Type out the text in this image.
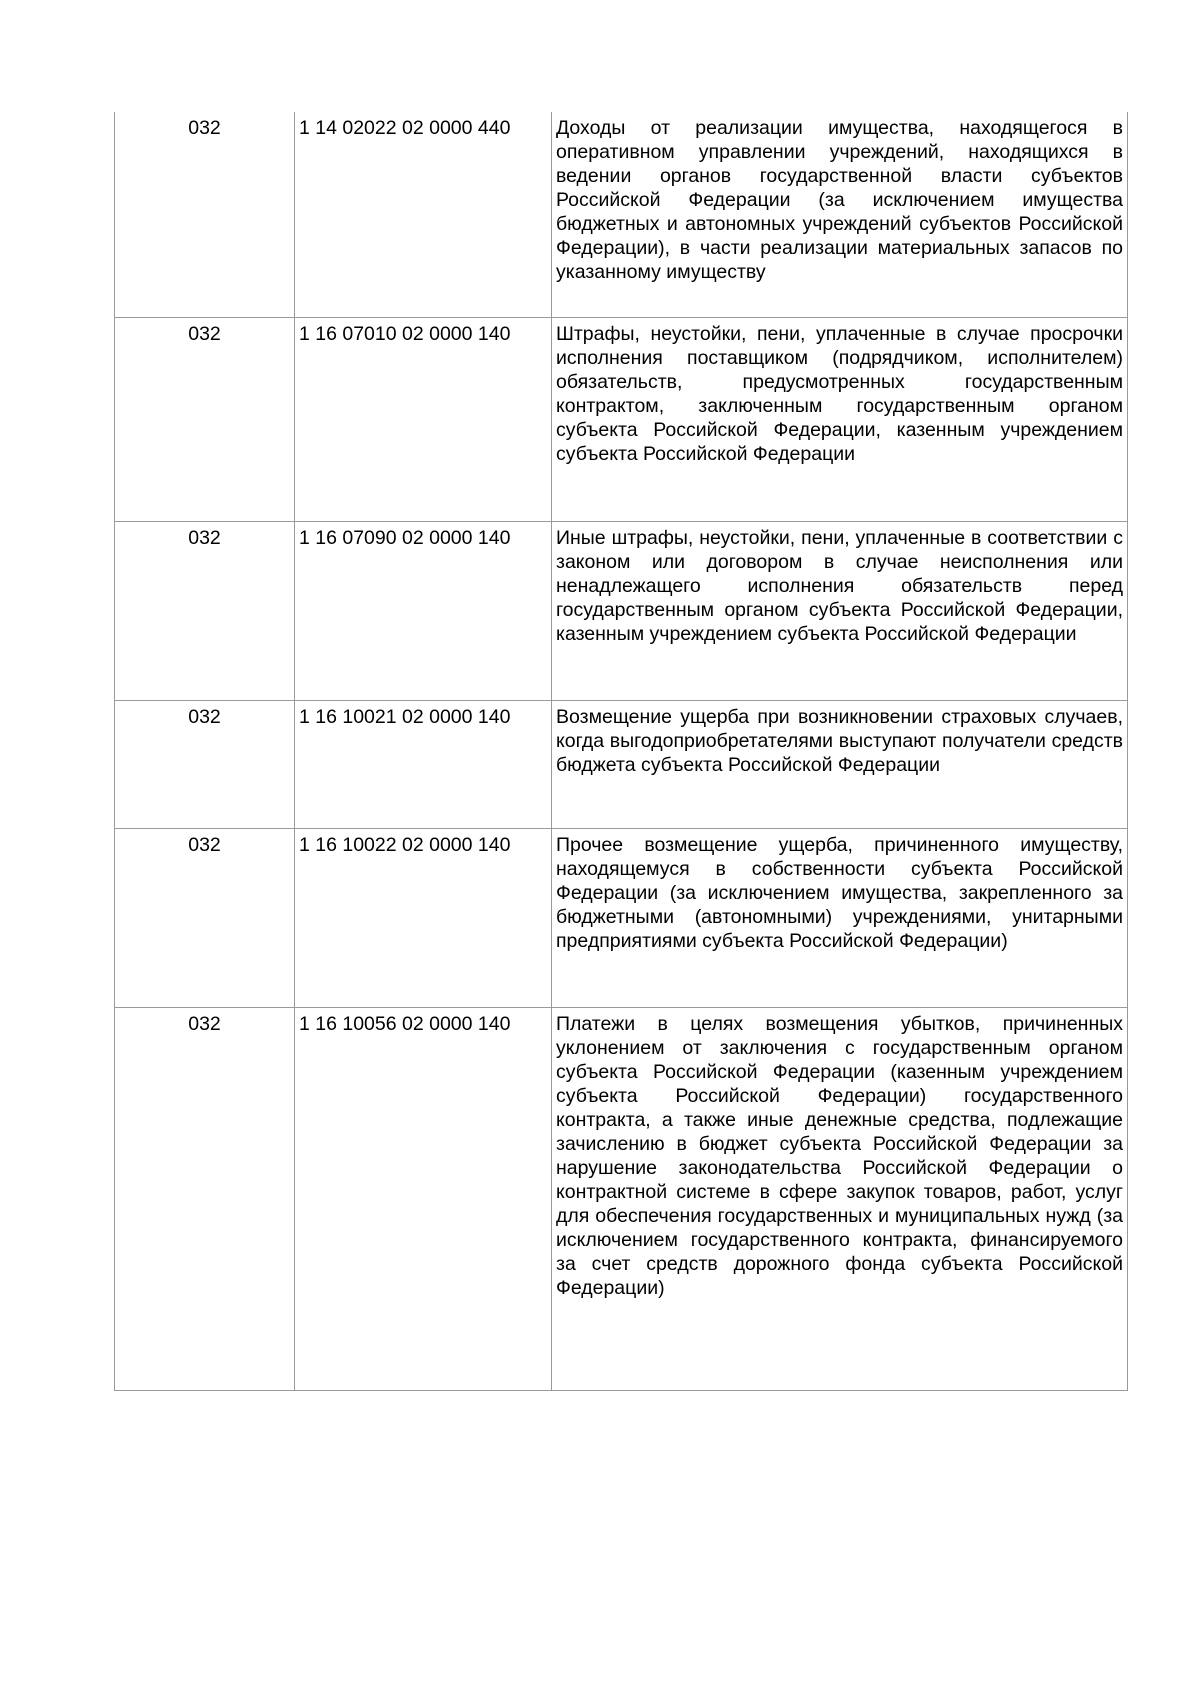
032	1 14 02022 02 0000 440	Доходы от реализации имущества, находящегося в оперативном управлении учреждений, находящихся в ведении органов государственной власти субъектов Российской Федерации (за исключением имущества бюджетных и автономных учреждений субъектов Российской Федерации), в части реализации материальных запасов по указанному имуществу

032	1 16 07010 02 0000 140	Штрафы, неустойки, пени, уплаченные в случае просрочки исполнения поставщиком (подрядчиком, исполнителем) обязательств, предусмотренных государственным контрактом, заключенным государственным органом субъекта Российской Федерации, казенным учреждением субъекта Российской Федерации

032	1 16 07090 02 0000 140	Иные штрафы, неустойки, пени, уплаченные в соответствии с законом или договором в случае неисполнения или ненадлежащего исполнения обязательств перед государственным органом субъекта Российской Федерации, казенным учреждением субъекта Российской Федерации

032	1 16 10021 02 0000 140	Возмещение ущерба при возникновении страховых случаев, когда выгодоприобретателями выступают получатели средств бюджета субъекта Российской Федерации

032	1 16 10022 02 0000 140	Прочее возмещение ущерба, причиненного имуществу, находящемуся в собственности субъекта Российской Федерации (за исключением имущества, закрепленного за бюджетными (автономными) учреждениями, унитарными предприятиями субъекта Российской Федерации)

032	1 16 10056 02 0000 140	Платежи в целях возмещения убытков, причиненных уклонением от заключения с государственным органом субъекта Российской Федерации (казенным учреждением субъекта Российской Федерации) государственного контракта, а также иные денежные средства, подлежащие зачислению в бюджет субъекта Российской Федерации за нарушение законодательства Российской Федерации о контрактной системе в сфере закупок товаров, работ, услуг для обеспечения государственных и муниципальных нужд (за исключением государственного контракта, финансируемого за счет средств дорожного фонда субъекта Российской Федерации)
